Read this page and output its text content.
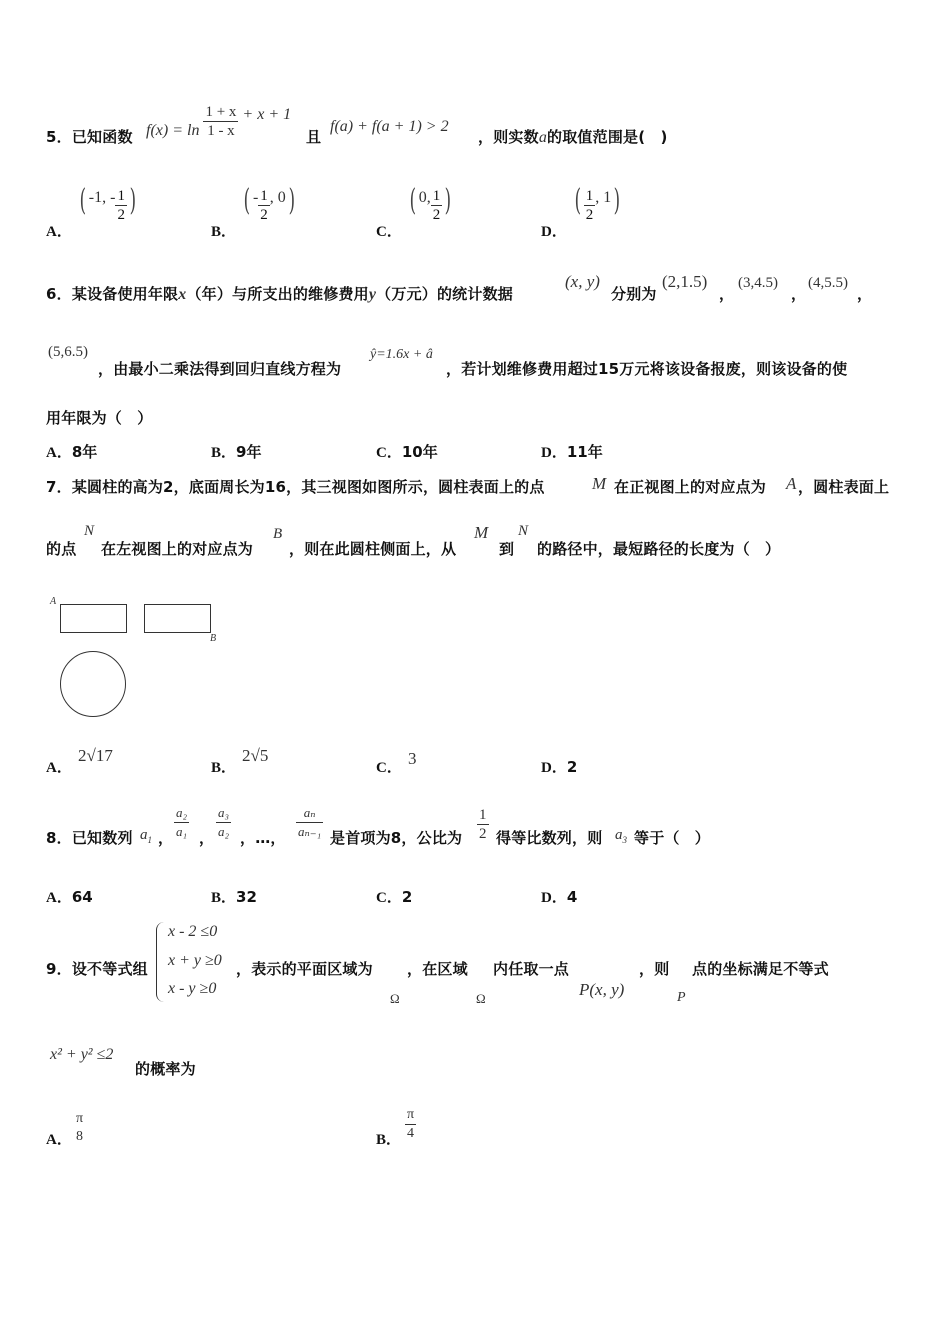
5．已知函数 $f(x) = \ln \frac{1 + x}{1 - x} + x + 1$
且
f(a) + f(a + 1) > 2
，则实数a的取值范围是(　)
A． ( -1, - $\frac{1}{2}$ )
B． ( - $\frac{1}{2}$ , 0)
C． ( 0, $\frac{1}{2}$ )
D． ( $\frac{1}{2}$ , 1)
6．某设备使用年限x（年）与所支出的维修费用y（万元）的统计数据
(x, y)
分别为
(2,1.5)
，
(3,4.5)
，
(4,5.5)
，
(5,6.5)
，由最小二乘法得到回归直线方程为
ŷ=1.6x + â
，若计划维修费用超过15万元将该设备报废，则该设备的使
用年限为（　）
A．8年	B．9年	C．10年	D．11年
7．某圆柱的高为2，底面周长为16，其三视图如图所示，圆柱表面上的点	M 在正视图上的对应点为 A ，圆柱表面上
的点
N
在左视图上的对应点为
B
，则在此圆柱侧面上，从
M
到
N
的路径中，最短路径的长度为（　）
A
B
A．
2√17
B．
2√5
C． 3	D．2
8．已知数列 $a_1$ ， $\frac{\text{a₂}}{\text{a₁}}$ ， $\frac{\text{a₃}}{\text{a₂}}$ ，…， $\frac{\text{aₙ}}{\text{aₙ₋₁}}$ 是首项为8，公比为 $\frac{1}{2}$ 得等比数列，则 $a_3$ 等于（　）
A．64	B．32	C．2	D．4
9．设不等式组
x - 2 ≤0
x + y ≥0
x - y ≥0
，表示的平面区域为
Ω
，在区域
Ω
内任取一点
P(x, y)
，则
P
点的坐标满足不等式
x² + y² ≤2
的概率为
A．
π
8	B． $\frac{\pi}{4}$
